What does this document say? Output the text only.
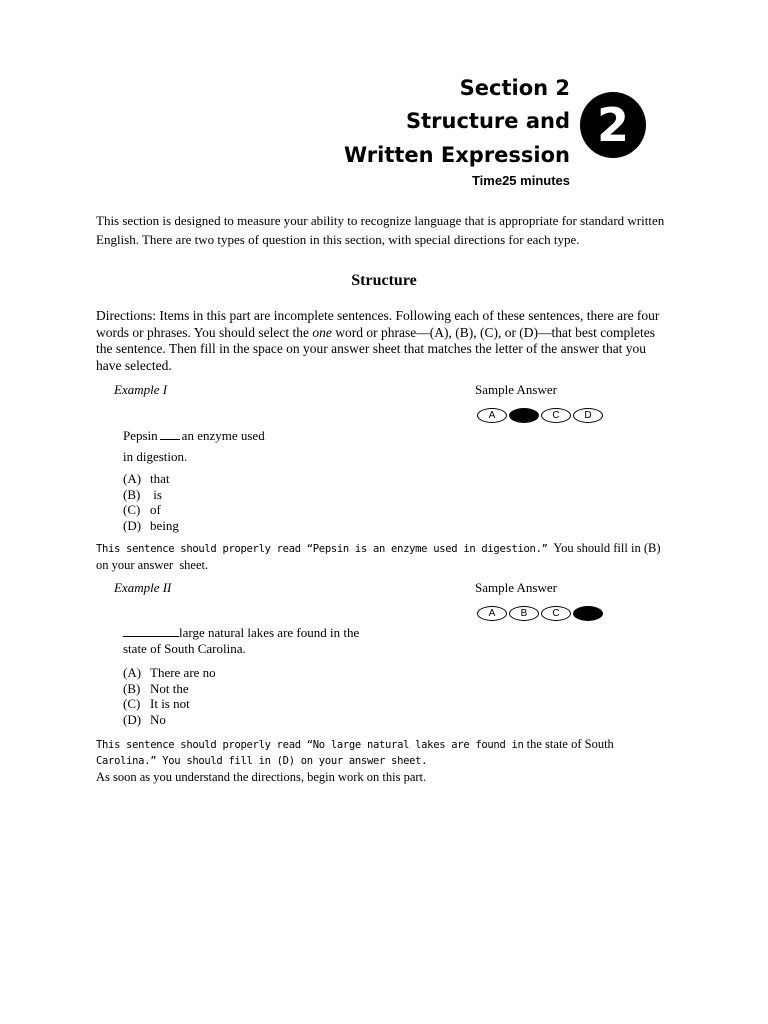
Section 2
Structure and
Written Expression
Time25 minutes
2
This section is designed to measure your ability to recognize language that is appropriate for standard written English. There are two types of question in this section, with special directions for each type.
Structure
Directions: Items in this part are incomplete sentences. Following each of these sentences, there are four words or phrases. You should select the one word or phrase—(A), (B), (C), or (D)—that best completes the sentence. Then fill in the space on your answer sheet that matches the letter of the answer that you have selected.
Example I	Sample Answer
A	B	C	D
Pepsin an enzyme used
in digestion.
(A) that
(B) is
(C) of
(D) being
This sentence should properly read “Pepsin is an enzyme used in digestion.”  You should fill in (B) on your answer  sheet.
Example II	Sample Answer
A	B	C	D
large natural lakes are found in the
state of South Carolina.
(A) There are no
(B) Not the
(C) It is not
(D) No
This sentence should properly read “No large natural lakes are found in the state of South
Carolina.” You should fill in (D) on your answer sheet.
As soon as you understand the directions, begin work on this part.
